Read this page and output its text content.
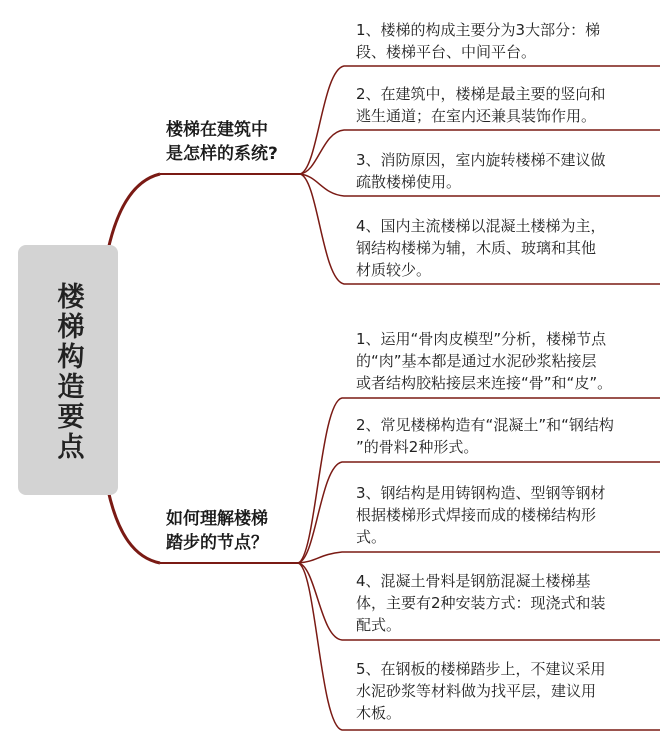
楼梯构造要点
楼梯在建筑中
是怎样的系统?
如何理解楼梯
踏步的节点？
1、楼梯的构成主要分为3大部分：梯
段、楼梯平台、中间平台。
2、在建筑中，楼梯是最主要的竖向和
逃生通道；在室内还兼具装饰作用。
3、消防原因，室内旋转楼梯不建议做
疏散楼梯使用。
4、国内主流楼梯以混凝土楼梯为主，
钢结构楼梯为辅，木质、玻璃和其他
材质较少。
1、运用“骨肉皮模型”分析，楼梯节点
的“肉”基本都是通过水泥砂浆粘接层
或者结构胶粘接层来连接“骨”和“皮”。
2、常见楼梯构造有“混凝土”和“钢结构
”的骨料2种形式。
3、钢结构是用铸钢构造、型钢等钢材
根据楼梯形式焊接而成的楼梯结构形
式。
4、混凝土骨料是钢筋混凝土楼梯基
体，主要有2种安装方式：现浇式和装
配式。
5、在钢板的楼梯踏步上，不建议采用
水泥砂浆等材料做为找平层，建议用
木板。
